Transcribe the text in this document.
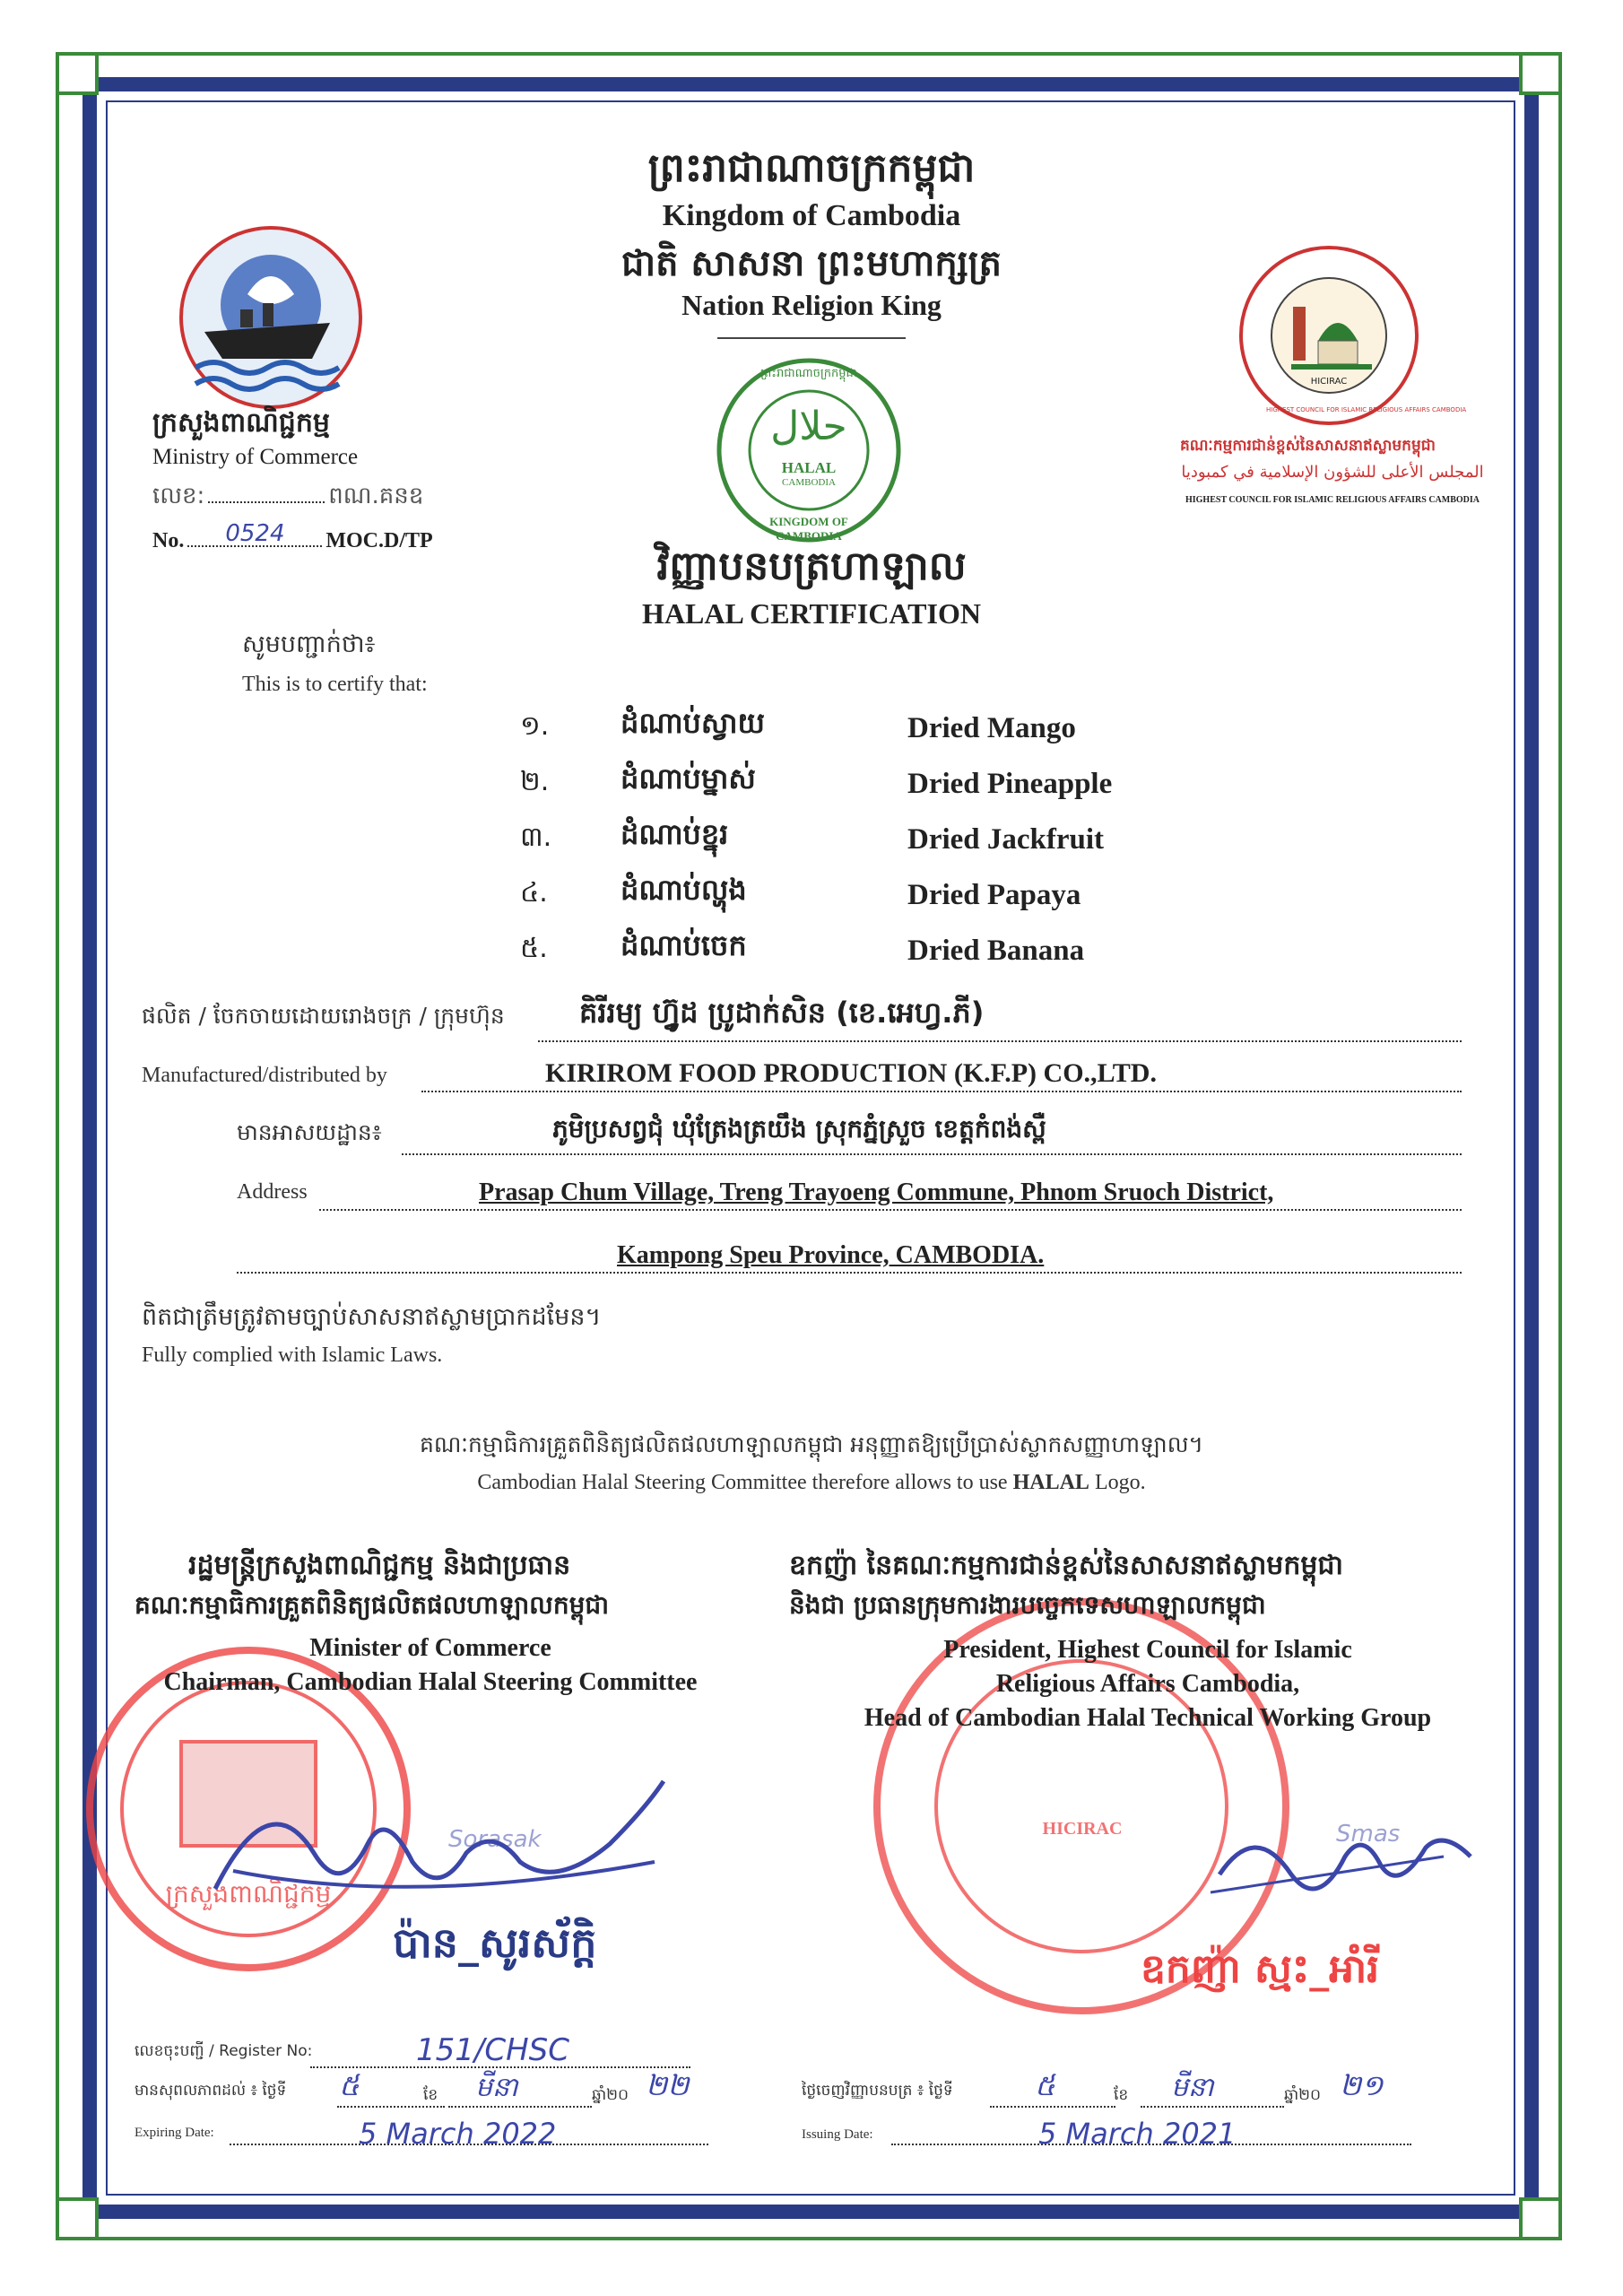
ព្រះរាជាណាចក្រកម្ពុជា
Kingdom of Cambodia
ជាតិ សាសនា ព្រះមហាក្សត្រ
Nation Religion King
ក្រសួងពាណិជ្ជកម្ម
Ministry of Commerce
លេខ:	ពណ.គនឧ
No. 0524 MOC.D/TP
ព្រះរាជាណាចក្រកម្ពុជា
حلال
HALAL
CAMBODIA
KINGDOM OF CAMBODIA
HICIRAC
HIGHEST COUNCIL FOR ISLAMIC RELIGIOUS AFFAIRS CAMBODIA
គណៈកម្មការជាន់ខ្ពស់នៃសាសនាឥស្លាមកម្ពុជា
المجلس الأعلى للشؤون الإسلامية في كمبوديا
HIGHEST COUNCIL FOR ISLAMIC RELIGIOUS AFFAIRS CAMBODIA
វិញ្ញាបនបត្រហាឡាល
HALAL CERTIFICATION
សូមបញ្ជាក់ថា៖
This is to certify that:
១. ដំណាប់ស្វាយ	Dried Mango
២. ដំណាប់ម្នាស់	Dried Pineapple
៣. ដំណាប់ខ្នុរ	Dried Jackfruit
៤.	ដំណាប់ល្ហុង	Dried Papaya
៥.	ដំណាប់ចេក	Dried Banana
ផលិត / ចែកចាយដោយរោងចក្រ / ក្រុមហ៊ុន	គិរីរម្យ ហ្វ៊ូដ ប្រូដាក់សិន (ខេ.អេហ្វ.ភី)
Manufactured/distributed by	KIRIROM FOOD PRODUCTION (K.F.P) CO.,LTD.
មានអាសយដ្ឋាន៖	ភូមិប្រសព្វជុំ ឃុំត្រែងត្រយឹង ស្រុកភ្នំស្រួច ខេត្តកំពង់ស្ពឺ
Address	Prasap Chum Village, Treng Trayoeng Commune, Phnom Sruoch District,
Kampong Speu Province, CAMBODIA.
ពិតជាត្រឹមត្រូវតាមច្បាប់សាសនាឥស្លាមប្រាកដមែន។
Fully complied with Islamic Laws.
គណៈកម្មាធិការគ្រួតពិនិត្យផលិតផលហាឡាលកម្ពុជា អនុញ្ញាតឱ្យប្រើប្រាស់ស្លាកសញ្ញាហាឡាល។
Cambodian Halal Steering Committee therefore allows to use HALAL Logo.
ក្រសួងពាណិជ្ជកម្ម
HICIRAC
រដ្ឋមន្ត្រីក្រសួងពាណិជ្ជកម្ម និងជាប្រធាន
គណៈកម្មាធិការគ្រួតពិនិត្យផលិតផលហាឡាលកម្ពុជា
Minister of Commerce
Chairman, Cambodian Halal Steering Committee
ឧកញ៉ា នៃគណៈកម្មការជាន់ខ្ពស់នៃសាសនាឥស្លាមកម្ពុជា
និងជា ប្រធានក្រុមការងារបច្ចេកទេសហាឡាលកម្ពុជា
President, Highest Council for Islamic
Religious Affairs Cambodia,
Head of Cambodian Halal Technical Working Group
Sorasak	Smas
ប៉ាន_សូរស័ក្តិ
ឧកញ៉ា ស្មះ_អាំរី
លេខចុះបញ្ជី / Register No:	151/CHSC
មានសុពលភាពដល់ ៖ ថ្ងៃទី ៥	ខែ មីនា	ឆ្នាំ២០ ២២
Expiring Date:	5 March 2022
ថ្ងៃចេញវិញ្ញាបនបត្រ ៖ ថ្ងៃទី	៥	ខែ មីនា	ឆ្នាំ២០ ២១
Issuing Date:	5 March 2021
